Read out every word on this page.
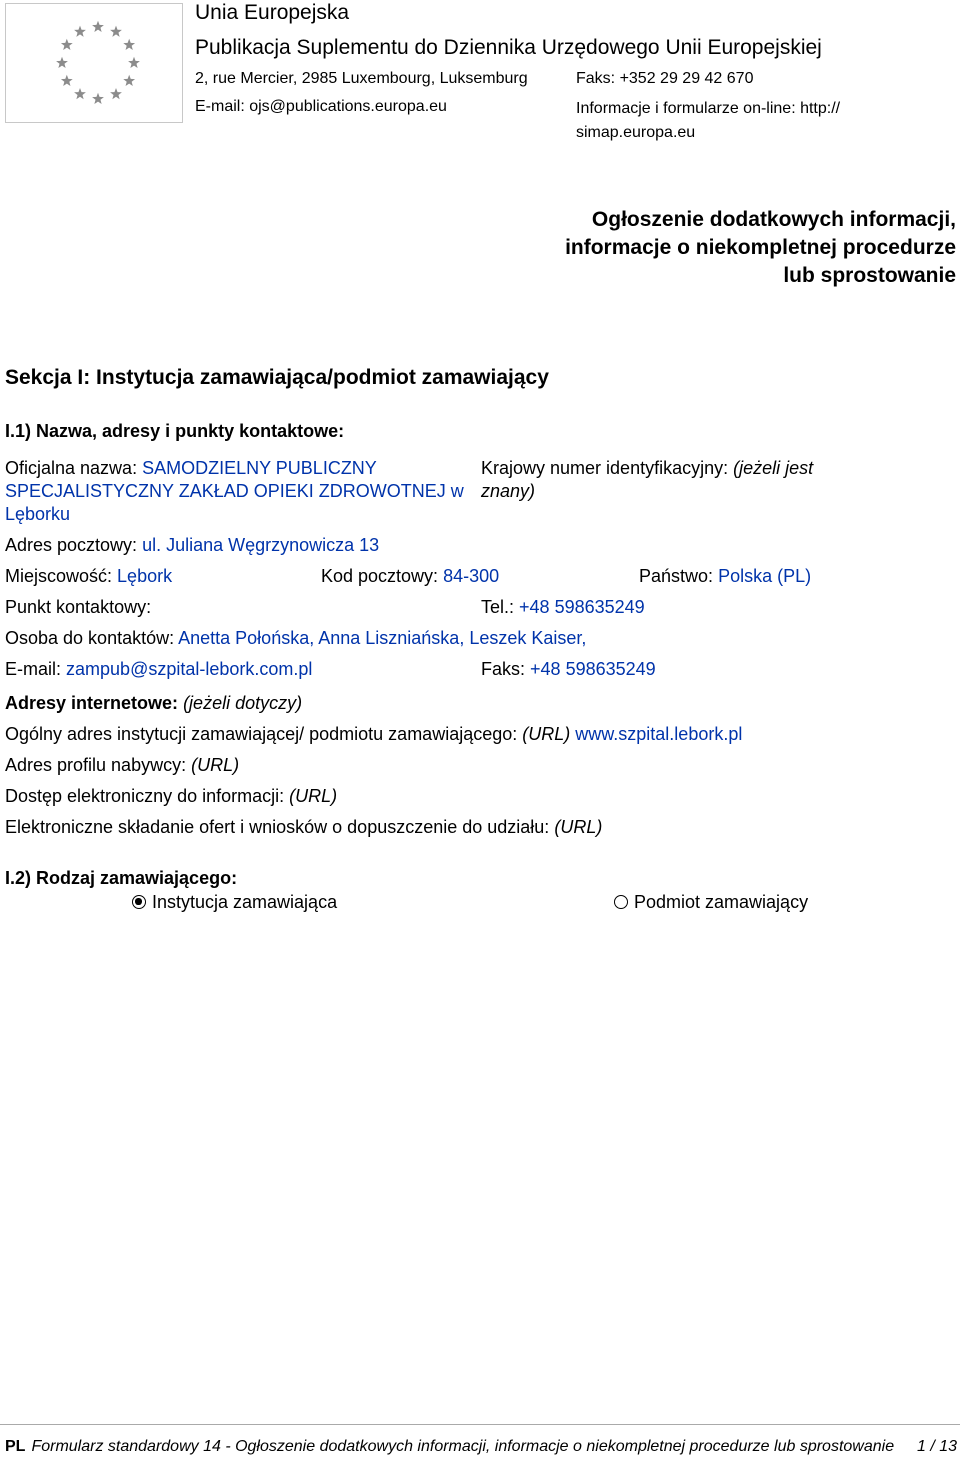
Unia Europejska
Publikacja Suplementu do Dziennika Urzędowego Unii Europejskiej
2, rue Mercier, 2985 Luxembourg, Luksemburg	Faks: +352 29 29 42 670
E-mail: ojs@publications.europa.eu	Informacje i formularze on-line: http:// simap.europa.eu
Ogłoszenie dodatkowych informacji, informacje o niekompletnej procedurze lub sprostowanie
Sekcja I: Instytucja zamawiająca/podmiot zamawiający
I.1) Nazwa, adresy i punkty kontaktowe:
Oficjalna nazwa: SAMODZIELNY PUBLICZNY SPECJALISTYCZNY ZAKŁAD OPIEKI ZDROWOTNEJ w Lęborku
Krajowy numer identyfikacyjny: (jeżeli jest znany)
Adres pocztowy: ul. Juliana Węgrzynowicza 13
Miejscowość: Lębork	Kod pocztowy: 84-300	Państwo: Polska (PL)
Punkt kontaktowy:	Tel.: +48 598635249
Osoba do kontaktów: Anetta Połońska, Anna Liszniańska, Leszek Kaiser,
E-mail: zampub@szpital-lebork.com.pl	Faks: +48 598635249
Adresy internetowe: (jeżeli dotyczy)
Ogólny adres instytucji zamawiającej/ podmiotu zamawiającego: (URL) www.szpital.lebork.pl
Adres profilu nabywcy: (URL)
Dostęp elektroniczny do informacji: (URL)
Elektroniczne składanie ofert i wniosków o dopuszczenie do udziału: (URL)
I.2) Rodzaj zamawiającego:
Instytucja zamawiająca	Podmiot zamawiający
PL Formularz standardowy 14 - Ogłoszenie dodatkowych informacji, informacje o niekompletnej procedurze lub sprostowanie	1 / 13
